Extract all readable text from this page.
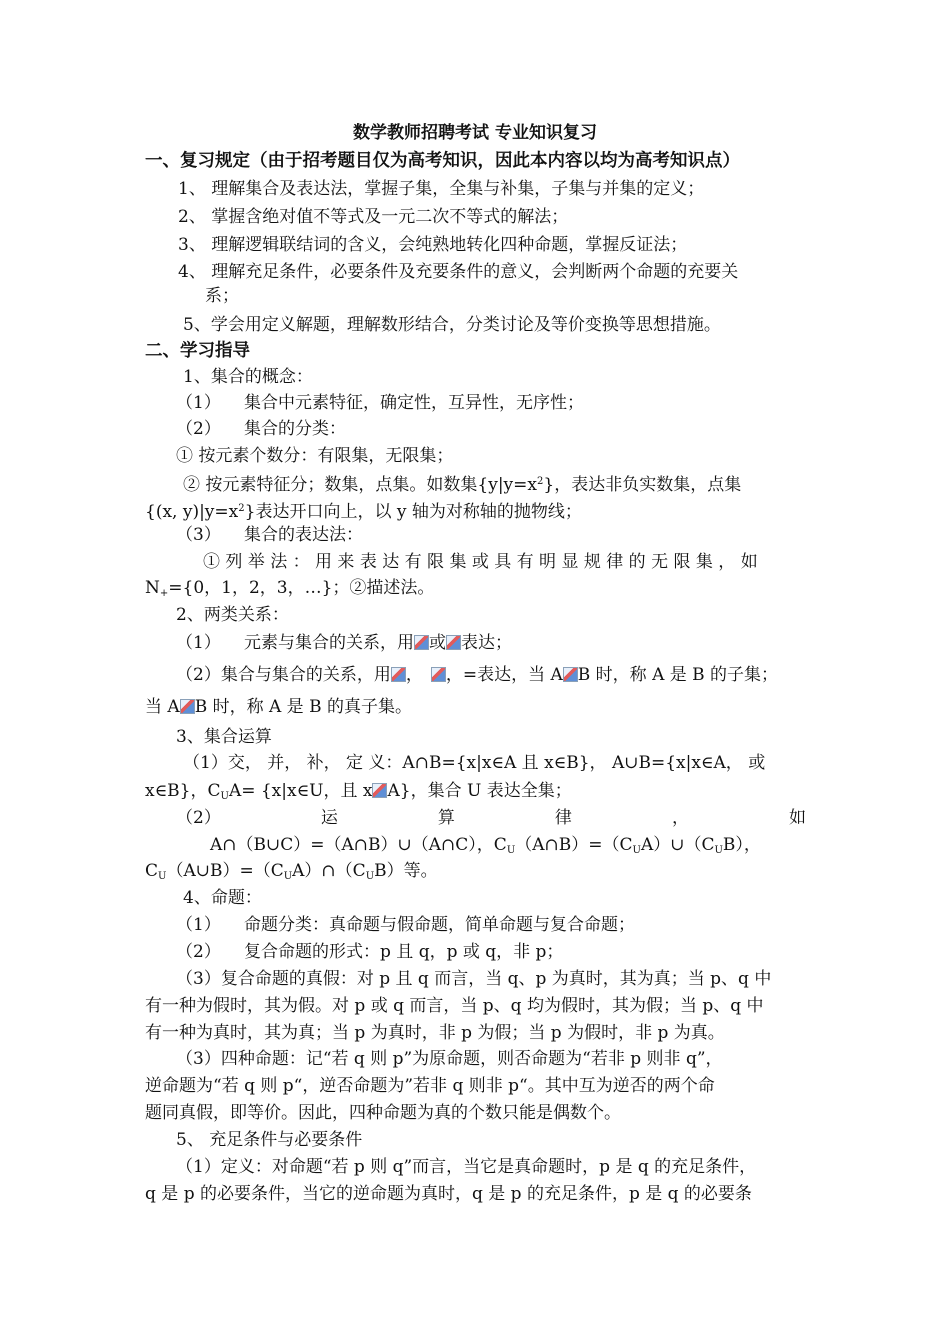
数学教师招聘考试 专业知识复习
一、复习规定（由于招考题目仅为高考知识，因此本内容以均为高考知识点）
1、 理解集合及表达法，掌握子集，全集与补集，子集与并集的定义；
2、 掌握含绝对值不等式及一元二次不等式的解法；
3、 理解逻辑联结词的含义，会纯熟地转化四种命题，掌握反证法；
4、 理解充足条件，必要条件及充要条件的意义，会判断两个命题的充要关
系；
5、学会用定义解题，理解数形结合，分类讨论及等价变换等思想措施。
二、学习指导
1、集合的概念：
（1） 集合中元素特征，确定性，互异性，无序性；
（2） 集合的分类：
① 按元素个数分：有限集，无限集；
② 按元素特征分；数集，点集。如数集$\{y|y=x^2\}$，表达非负实数集，点集
{(x, $y)|y=x^2$}表达开口向上，以 y 轴为对称轴的抛物线；
（3） 集合的表达法：
① 列 举 法 ： 用 来 表 达 有 限 集 或 具 有 明 显 规 律 的 无 限 集 ， 如
$N_+=\{0$，1，2，3，…}；②描述法。
2、两类关系：
（1） 元素与集合的关系，用 或 表达；
（2）集合与集合的关系，用 ， ，=表达，当 A B 时，称 A 是 B 的子集；
当 A B 时，称 A 是 B 的真子集。
3、集合运算
（1）交， 并， 补， 定 义：A∩B={x|x∈A 且 x∈B}， A∪B={x|x∈A， 或
x∈B}，$C_UA=$ {x|x∈U，且 x A}，集合 U 表达全集；
（2）	运	算	律	，	如
A∩（B∪C）=（A∩B）∪（A∩C），$C_U(A\cap B)=(C_UA)\cup(C_UB)$，
$C_U(A\cup B)=(C_UA)\cap(C_UB)$等。
4、命题：
（1） 命题分类：真命题与假命题，简单命题与复合命题；
（2） 复合命题的形式：p 且 q，p 或 q，非 p；
（3）复合命题的真假：对 p 且 q 而言，当 q、p 为真时，其为真；当 p、q 中
有一种为假时，其为假。对 p 或 q 而言，当 p、q 均为假时，其为假；当 p、q 中
有一种为真时，其为真；当 p 为真时，非 p 为假；当 p 为假时，非 p 为真。
（3）四种命题：记“若 q 则 p”为原命题，则否命题为“若非 p 则非 q”，
逆命题为“若 q 则 p“，逆否命题为”若非 q 则非 p“。其中互为逆否的两个命
题同真假，即等价。因此，四种命题为真的个数只能是偶数个。
5、 充足条件与必要条件
（1）定义：对命题“若 p 则 q”而言，当它是真命题时，p 是 q 的充足条件，
q 是 p 的必要条件，当它的逆命题为真时，q 是 p 的充足条件，p 是 q 的必要条
